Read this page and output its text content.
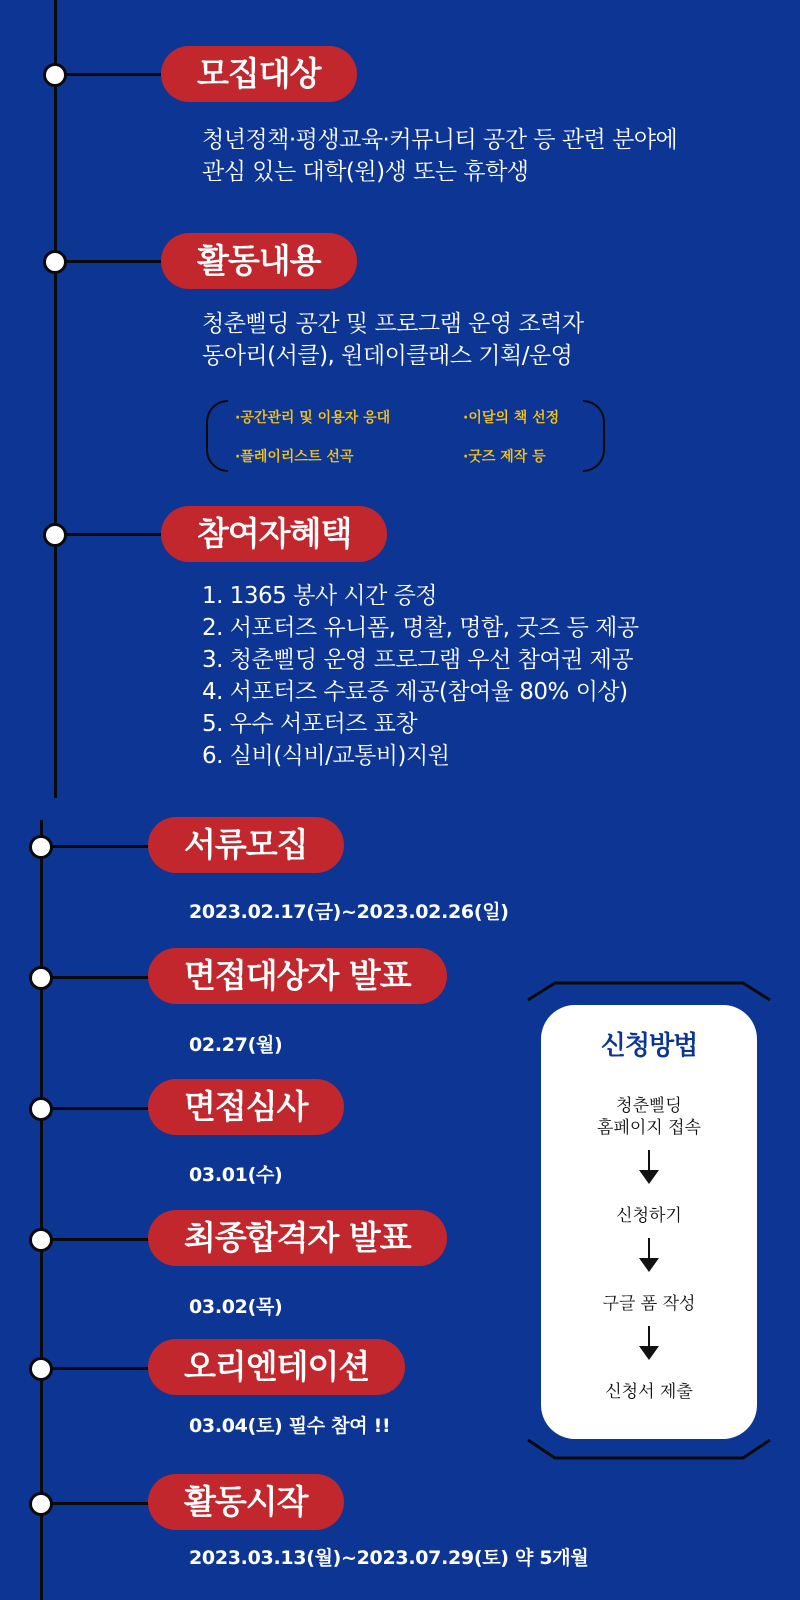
모집대상
청년정책·평생교육·커뮤니티 공간 등 관련 분야에
관심 있는 대학(원)생 또는 휴학생
활동내용
청춘삘딩 공간 및 프로그램 운영 조력자
동아리(서클), 원데이클래스 기획/운영
·공간관리 및 이용자 응대	·이달의 책 선정
·플레이리스트 선곡	·굿즈 제작 등
참여자혜택
1. 1365 봉사 시간 증정
2. 서포터즈 유니폼, 명찰, 명함, 굿즈 등 제공
3. 청춘삘딩 운영 프로그램 우선 참여권 제공
4. 서포터즈 수료증 제공(참여율 80% 이상)
5. 우수 서포터즈 표창
6. 실비(식비/교통비)지원
서류모집
2023.02.17(금)~2023.02.26(일)
면접대상자 발표
02.27(월)
면접심사
03.01(수)
최종합격자 발표
03.02(목)
오리엔테이션
03.04(토) 필수 참여 !!
활동시작
2023.03.13(월)~2023.07.29(토) 약 5개월
신청방법
청춘삘딩
홈페이지 접속
신청하기
구글 폼 작성
신청서 제출
